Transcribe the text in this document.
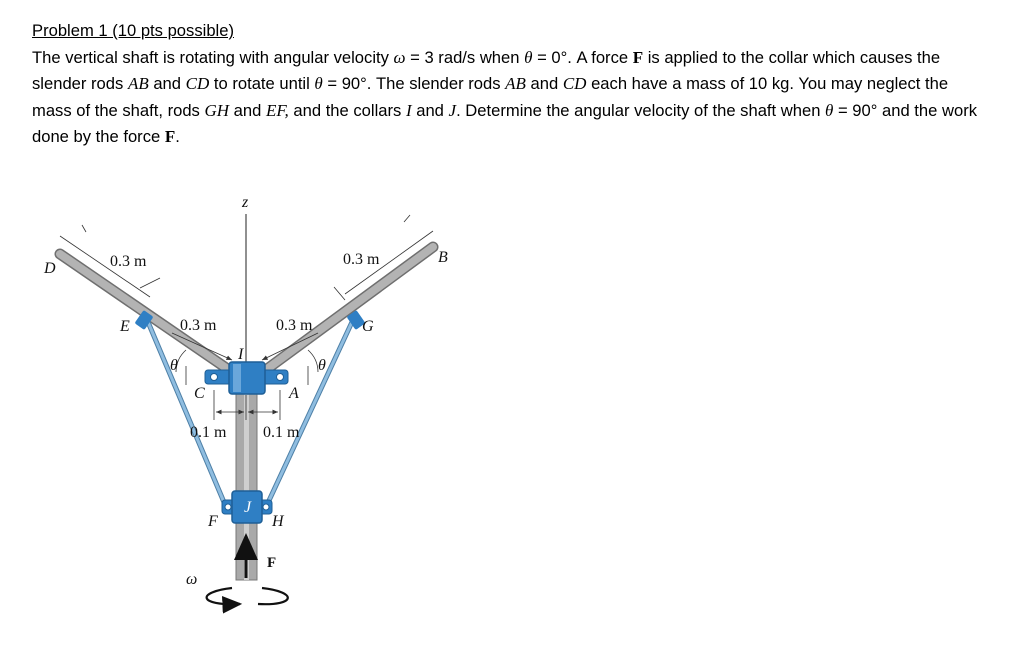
Problem 1 (10 pts possible)

The vertical shaft is rotating with angular velocity ω = 3 rad/s when θ = 0°. A force F is applied to the collar which causes the slender rods AB and CD to rotate until θ = 90°. The slender rods AB and CD each have a mass of 10 kg. You may neglect the mass of the shaft, rods GH and EF, and the collars I and J. Determine the angular velocity of the shaft when θ = 90° and the work done by the force F.

z
D
B
E	G
C	A
I
J
F	H
0.3 m	0.3 m
0.3 m	0.3 m
0.1 m 0.1 m
θ	θ
ω
F
